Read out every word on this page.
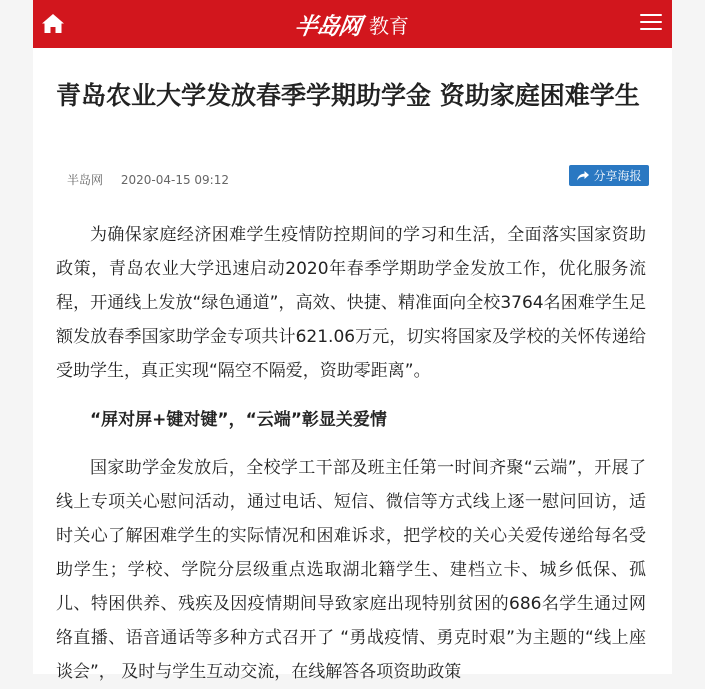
半岛网 教育
青岛农业大学发放春季学期助学金 资助家庭困难学生
半岛网 2020-04-15 09:12	分享海报

为确保家庭经济困难学生疫情防控期间的学习和生活，全面落实国家资助政策，青岛农业大学迅速启动2020年春季学期助学金发放工作，优化服务流程，开通线上发放“绿色通道”，高效、快捷、精准面向全校3764名困难学生足额发放春季国家助学金专项共计621.06万元，切实将国家及学校的关怀传递给受助学生，真正实现“隔空不隔爱，资助零距离”。

“屏对屏+键对键”，“云端”彰显关爱情

国家助学金发放后，全校学工干部及班主任第一时间齐聚“云端”，开展了线上专项关心慰问活动，通过电话、短信、微信等方式线上逐一慰问回访，适时关心了解困难学生的实际情况和困难诉求，把学校的关心关爱传递给每名受助学生；学校、学院分层级重点选取湖北籍学生、建档立卡、城乡低保、孤儿、特困供养、残疾及因疫情期间导致家庭出现特别贫困的686名学生通过网络直播、语音通话等多种方式召开了 “勇战疫情、勇克时艰”为主题的“线上座谈会”， 及时与学生互动交流，在线解答各项资助政策
